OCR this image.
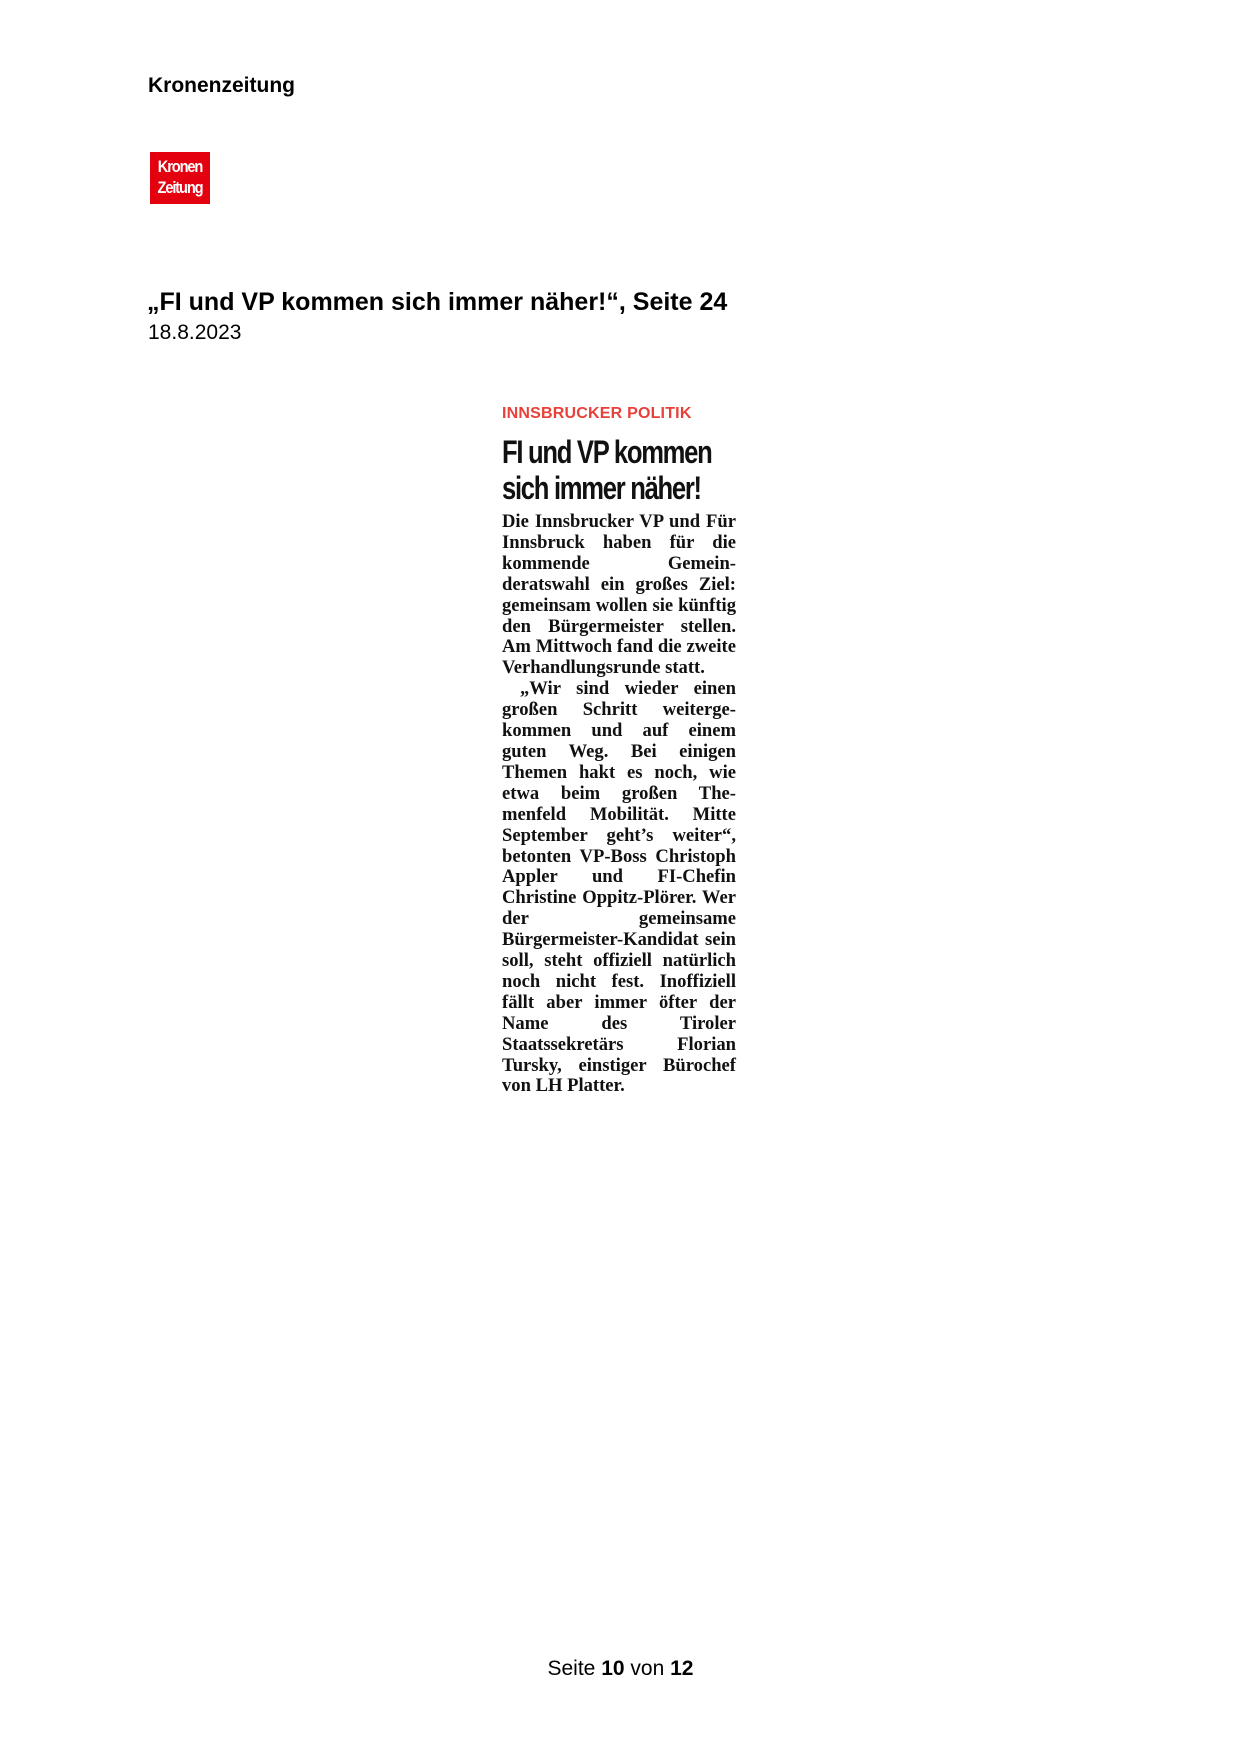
Kronenzeitung
Kronen
Zeitung
„FI und VP kommen sich immer näher!“, Seite 24
18.8.2023
INNSBRUCKER POLITIK
FI und VP kommen
sich immer näher!

Die Innsbrucker VP und Für Innsbruck haben für die kommende Gemeinderatswahl ein großes Ziel: gemeinsam wollen sie künftig den Bürgermeister stellen. Am Mittwoch fand die zweite Verhandlungsrunde statt.

„Wir sind wieder einen großen Schritt weitergekommen und auf einem guten Weg. Bei einigen Themen hakt es noch, wie etwa beim großen Themenfeld Mobilität. Mitte September geht’s weiter“, betonten VP-Boss Christoph Appler und FI-Chefin Christine Oppitz-Plörer. Wer der gemeinsame Bürgermeister-Kandidat sein soll, steht offiziell natürlich noch nicht fest. Inoffiziell fällt aber immer öfter der Name des Tiroler Staatssekretärs Florian Tursky, einstiger Bürochef von LH Platter.

Seite 10 von 12
